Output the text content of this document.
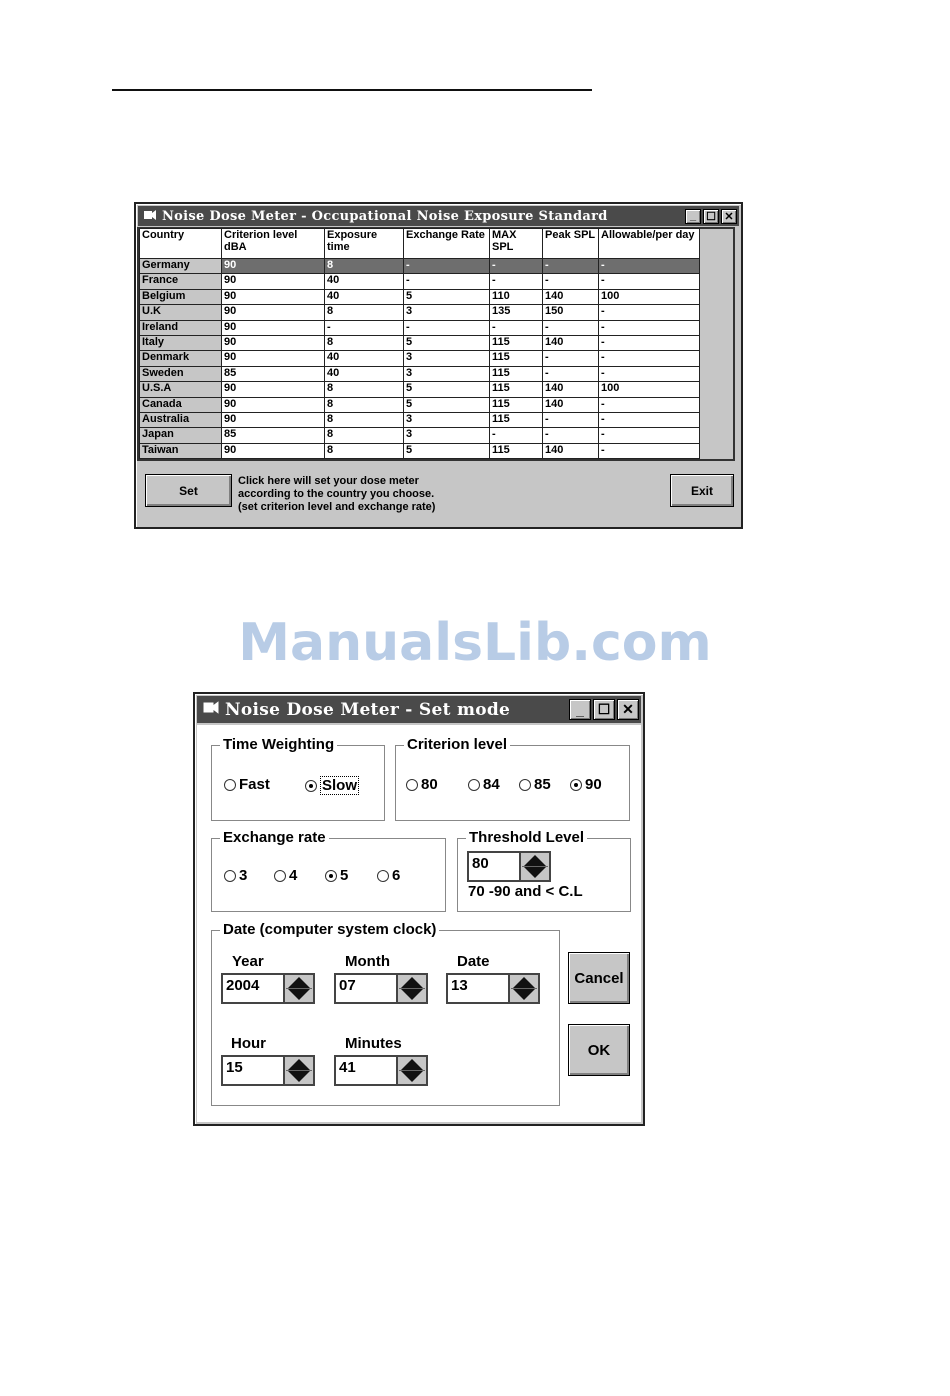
Noise Dose Meter - Occupational Noise Exposure Standard	_ ☐ ✕
Country	Criterion level dBA	Exposure time	Exchange Rate	MAX SPL	Peak SPL	Allowable/per day
Germany	90	8	-	-	-	-
France	90	40	-	-	-	-
Belgium	90	40	5	110	140	100
U.K	90	8	3	135	150	-
Ireland	90	-	-	-	-	-
Italy	90	8	5	115	140	-
Denmark	90	40	3	115	-	-
Sweden	85	40	3	115	-	-
U.S.A	90	8	5	115	140	100
Canada	90	8	5	115	140	-
Australia	90	8	3	115	-	-
Japan	85	8	3	-	-	-
Taiwan	90	8	5	115	140	-
Set
Click here will set your dose meter
according to the country you choose.
(set criterion level and exchange rate)
Exit
ManualsLib.com
Noise Dose Meter - Set mode	_ ☐ ✕
Time Weighting
Fast	Slow
Criterion level
80	84 85 90
Exchange rate
3	4	5	6
Threshold Level
80
70 -90 and < C.L
Date (computer system clock)
Year
2004
Month
07
Date
13
Hour
15
Minutes
41
Cancel
OK
